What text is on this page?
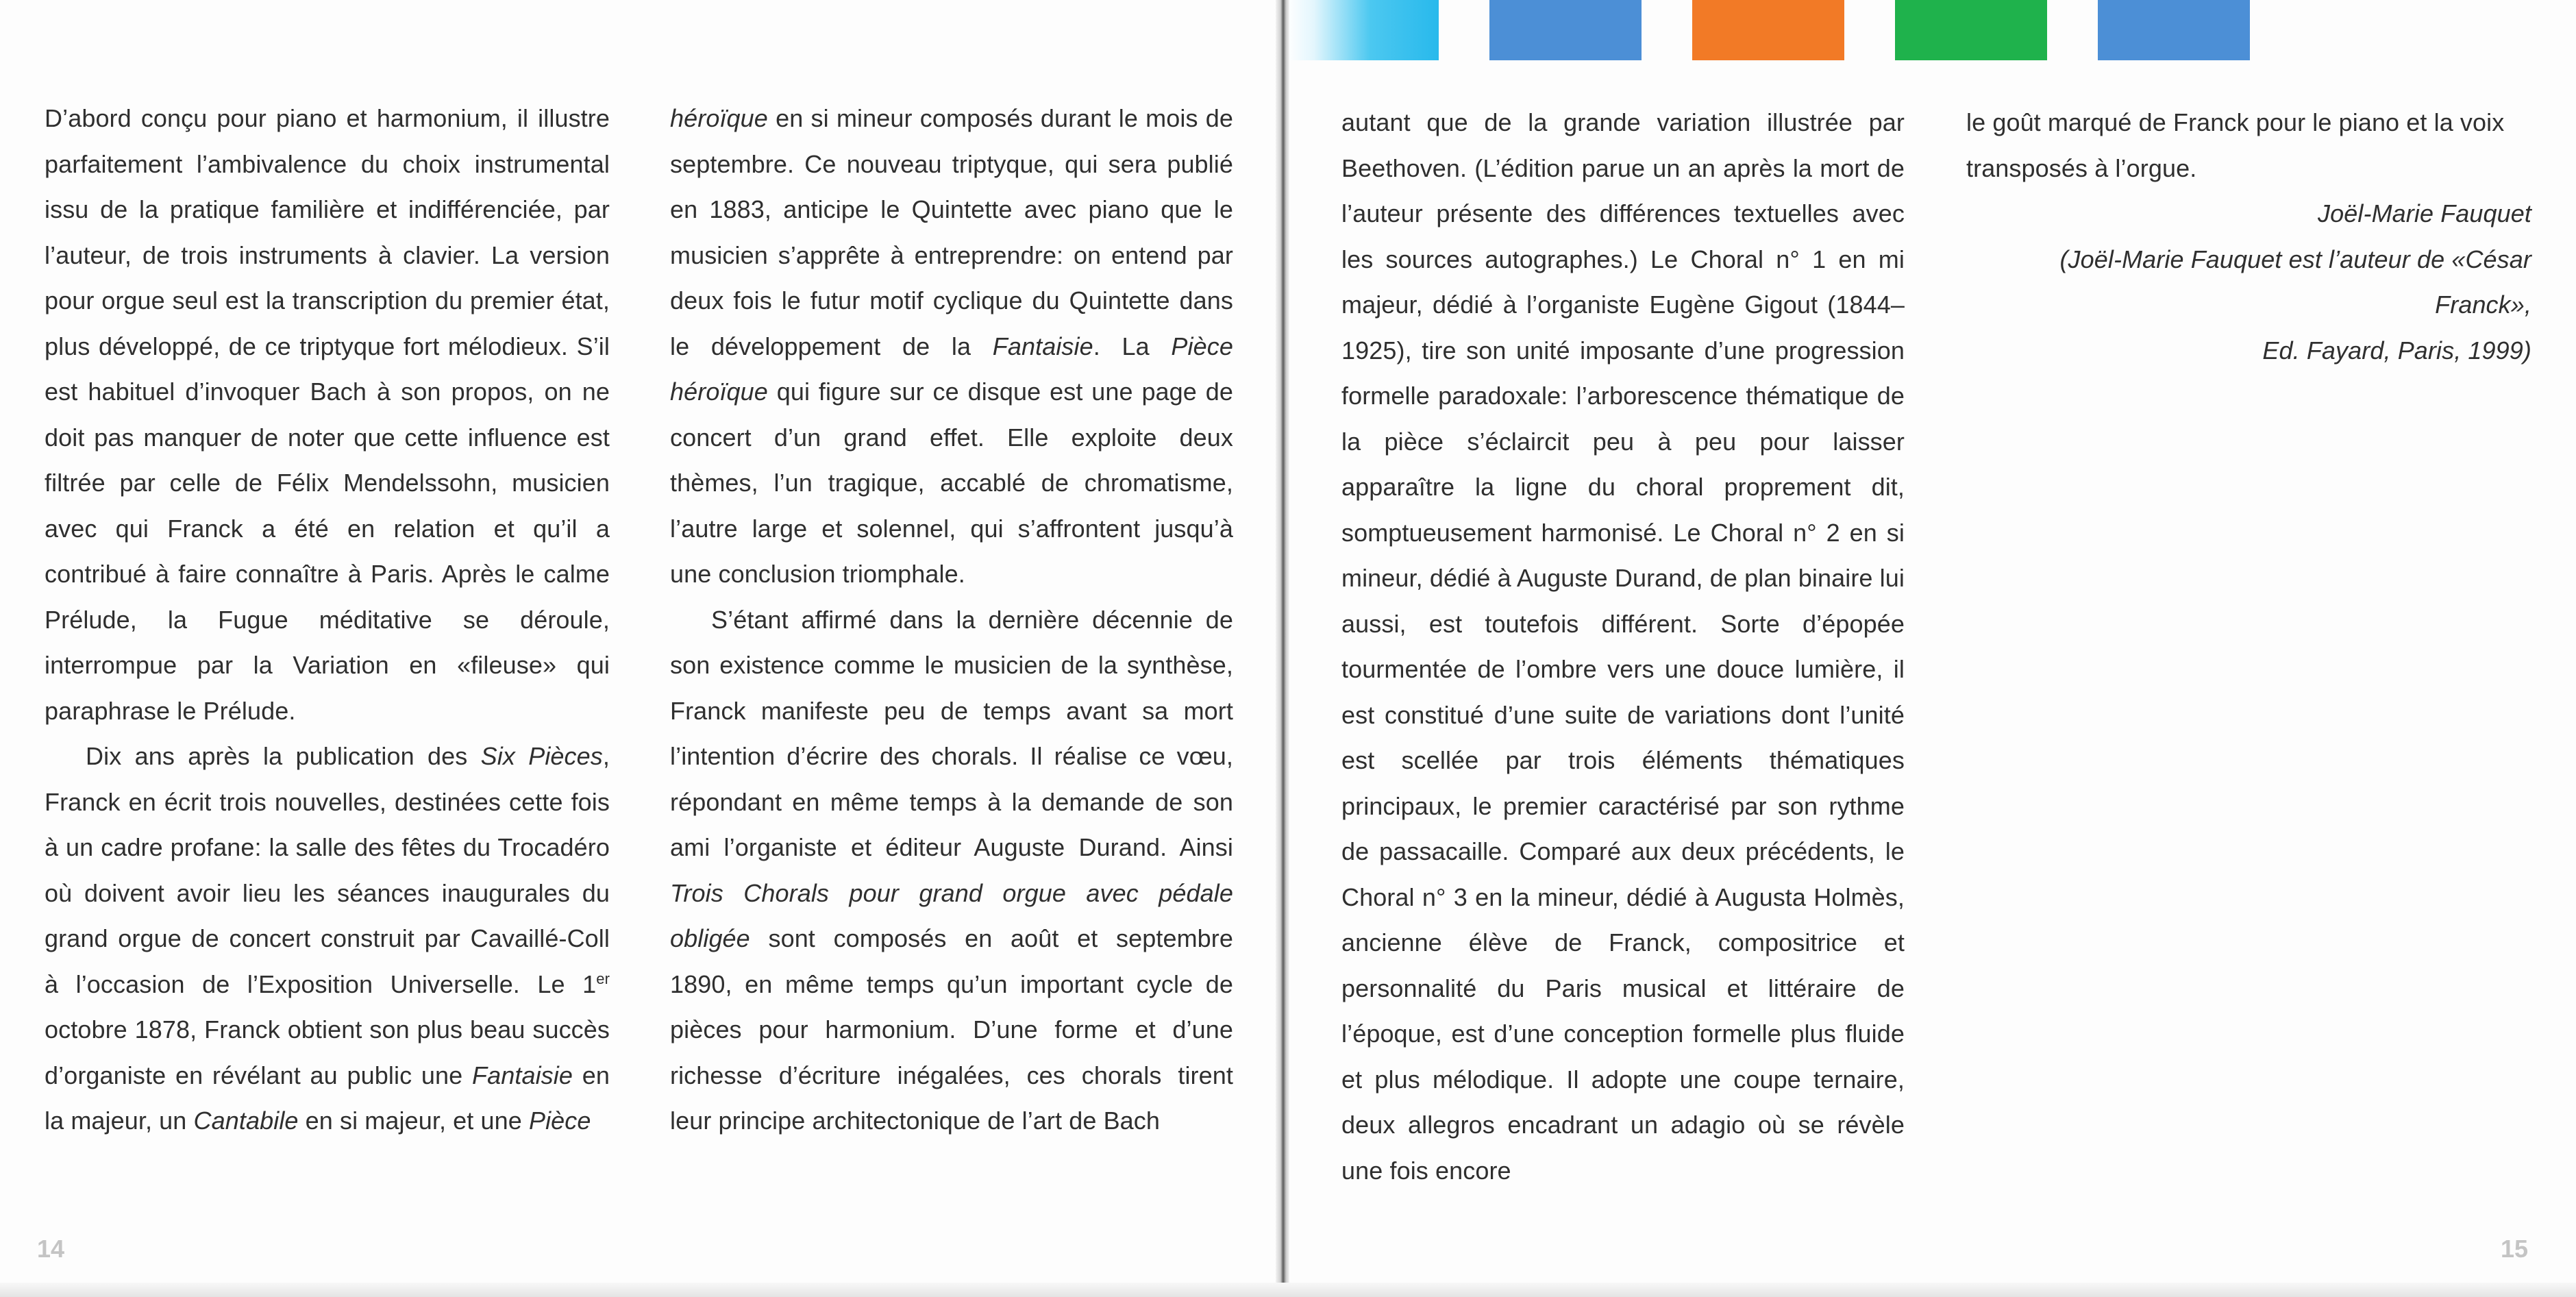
D’abord conçu pour piano et harmonium, il illustre parfaitement l’ambivalence du choix instrumental issu de la pratique familière et indifférenciée, par l’auteur, de trois instruments à clavier. La version pour orgue seul est la transcription du premier état, plus développé, de ce triptyque fort mélodieux. S’il est habituel d’invoquer Bach à son propos, on ne doit pas manquer de noter que cette influence est filtrée par celle de Félix Mendelssohn, musicien avec qui Franck a été en relation et qu’il a contribué à faire connaître à Paris. Après le calme Prélude, la Fugue méditative se déroule, interrompue par la Variation en «fileuse» qui paraphrase le Prélude.

Dix ans après la publication des Six Pièces, Franck en écrit trois nouvelles, destinées cette fois à un cadre profane: la salle des fêtes du Trocadéro où doivent avoir lieu les séances inaugurales du grand orgue de concert construit par Cavaillé-Coll à l’occasion de l’Exposition Universelle. Le 1er octobre 1878, Franck obtient son plus beau succès d’organiste en révélant au public une Fantaisie en la majeur, un Cantabile en si majeur, et une Pièce

héroïque en si mineur composés durant le mois de septembre. Ce nouveau triptyque, qui sera publié en 1883, anticipe le Quintette avec piano que le musicien s’apprête à entreprendre: on entend par deux fois le futur motif cyclique du Quintette dans le développement de la Fantaisie. La Pièce héroïque qui figure sur ce disque est une page de concert d’un grand effet. Elle exploite deux thèmes, l’un tragique, accablé de chromatisme, l’autre large et solennel, qui s’affrontent jusqu’à une conclusion triomphale.

S’étant affirmé dans la dernière décennie de son existence comme le musicien de la synthèse, Franck manifeste peu de temps avant sa mort l’intention d’écrire des chorals. Il réalise ce vœu, répondant en même temps à la demande de son ami l’organiste et éditeur Auguste Durand. Ainsi Trois Chorals pour grand orgue avec pédale obligée sont composés en août et septembre 1890, en même temps qu’un important cycle de pièces pour harmonium. D’une forme et d’une richesse d’écriture inégalées, ces chorals tirent leur principe architectonique de l’art de Bach

14

autant que de la grande variation illustrée par Beethoven. (L’édition parue un an après la mort de l’auteur présente des différences textuelles avec les sources autographes.) Le Choral n° 1 en mi majeur, dédié à l’organiste Eugène Gigout (1844–1925), tire son unité imposante d’une progression formelle paradoxale: l’arborescence thématique de la pièce s’éclaircit peu à peu pour laisser apparaître la ligne du choral proprement dit, somptueusement harmonisé. Le Choral n° 2 en si mineur, dédié à Auguste Durand, de plan binaire lui aussi, est toutefois différent. Sorte d’épopée tourmentée de l’ombre vers une douce lumière, il est constitué d’une suite de variations dont l’unité est scellée par trois éléments thématiques principaux, le premier caractérisé par son rythme de passacaille. Comparé aux deux précédents, le Choral n° 3 en la mineur, dédié à Augusta Holmès, ancienne élève de Franck, compositrice et personnalité du Paris musical et littéraire de l’époque, est d’une conception formelle plus fluide et plus mélodique. Il adopte une coupe ternaire, deux allegros encadrant un adagio où se révèle une fois encore

le goût marqué de Franck pour le piano et la voix transposés à l’orgue.

Joël-Marie Fauquet

(Joël-Marie Fauquet est l’auteur de «César Franck»,

Ed. Fayard, Paris, 1999)

15
